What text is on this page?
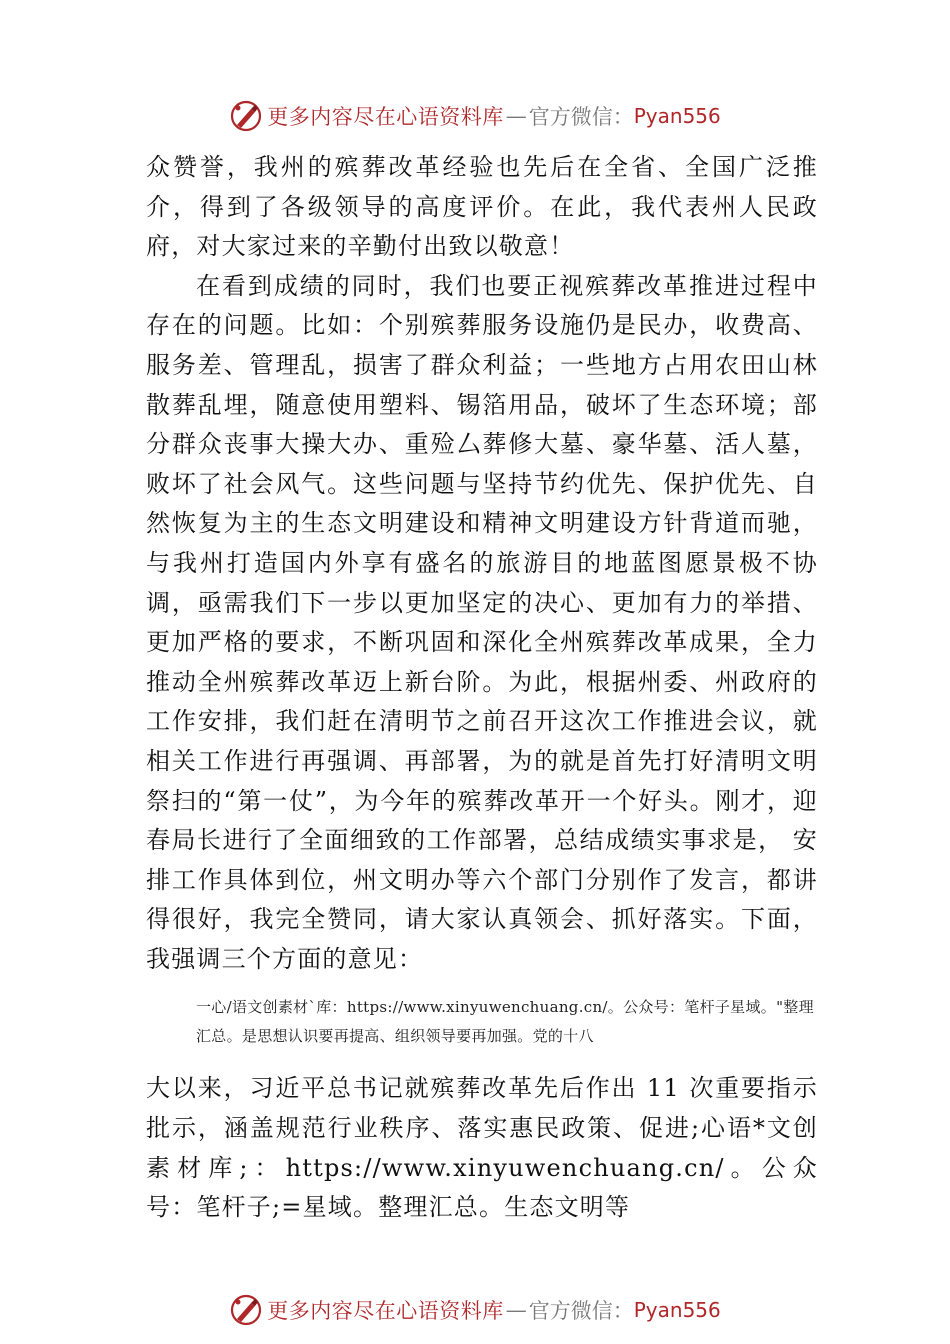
更多内容尽在心语资料库 — 官方微信： Pyan556

众赞誉，我州的殡葬改革经验也先后在全省、全国广泛推介，得到了各级领导的高度评价。在此，我代表州人民政府，对大家过来的辛勤付出致以敬意！

在看到成绩的同时，我们也要正视殡葬改革推进过程中存在的问题。比如：个别殡葬服务设施仍是民办，收费高、服务差、管理乱，损害了群众利益；一些地方占用农田山林散葬乱埋，随意使用塑料、锡箔用品，破坏了生态环境；部分群众丧事大操大办、重殓厶葬修大墓、豪华墓、活人墓，败坏了社会风气。这些问题与坚持节约优先、保护优先、自然恢复为主的生态文明建设和精神文明建设方针背道而驰，与我州打造国内外享有盛名的旅游目的地蓝图愿景极不协调，亟需我们下一步以更加坚定的决心、更加有力的举措、更加严格的要求，不断巩固和深化全州殡葬改革成果，全力推动全州殡葬改革迈上新台阶。为此，根据州委、州政府的工作安排，我们赶在清明节之前召开这次工作推进会议，就相关工作进行再强调、再部署，为的就是首先打好清明文明祭扫的“第一仗”，为今年的殡葬改革开一个好头。刚才，迎春局长进行了全面细致的工作部署，总结成绩实事求是， 安排工作具体到位，州文明办等六个部门分别作了发言，都讲得很好，我完全赞同，请大家认真领会、抓好落实。下面， 我强调三个方面的意见：

一心/语文创素材`库：https://www.xinyuwenchuang.cn/。公众号：笔杆子星域。"整理汇总。是思想认识要再提高、组织领导要再加强。党的十八

大以来，习近平总书记就殡葬改革先后作出 11 次重要指示批示，涵盖规范行业秩序、落实惠民政策、促进;心语*文创素材库;：https://www.xinyuwenchuang.cn/。公众号：笔杆子;=星域。整理汇总。生态文明等

更多内容尽在心语资料库 — 官方微信： Pyan556
